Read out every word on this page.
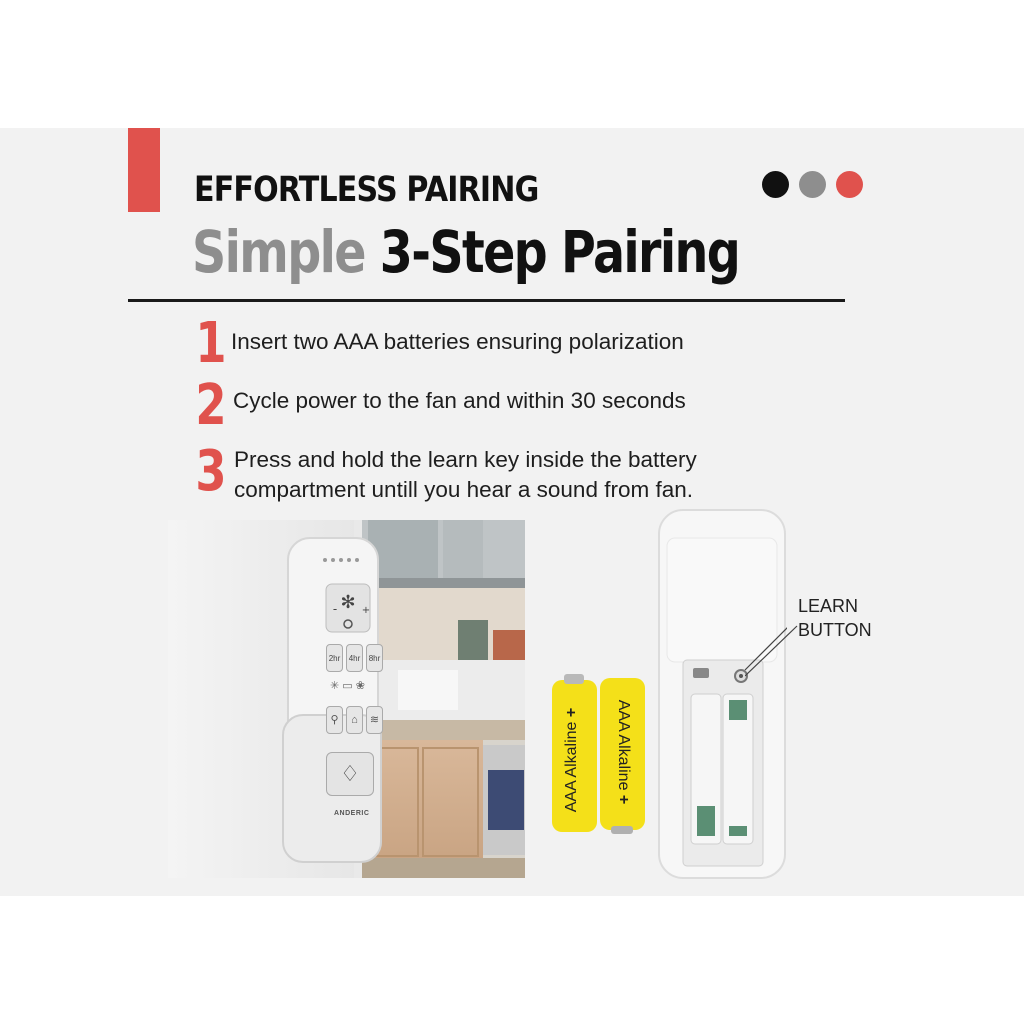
EFFORTLESS PAIRING
Simple 3-Step Pairing
1 Insert two AAA batteries ensuring polarization
2 Cycle power to the fan and within 30 seconds
3 Press and hold the learn key inside the battery
compartment untill you hear a sound from fan.
✻
- +
2hr	4hr	8hr
✳ ▭ ❀
⚲	⌂	≋
♢
ANDERIC
AAA Alkaline + AAA Alkaline +
LEARN
BUTTON
